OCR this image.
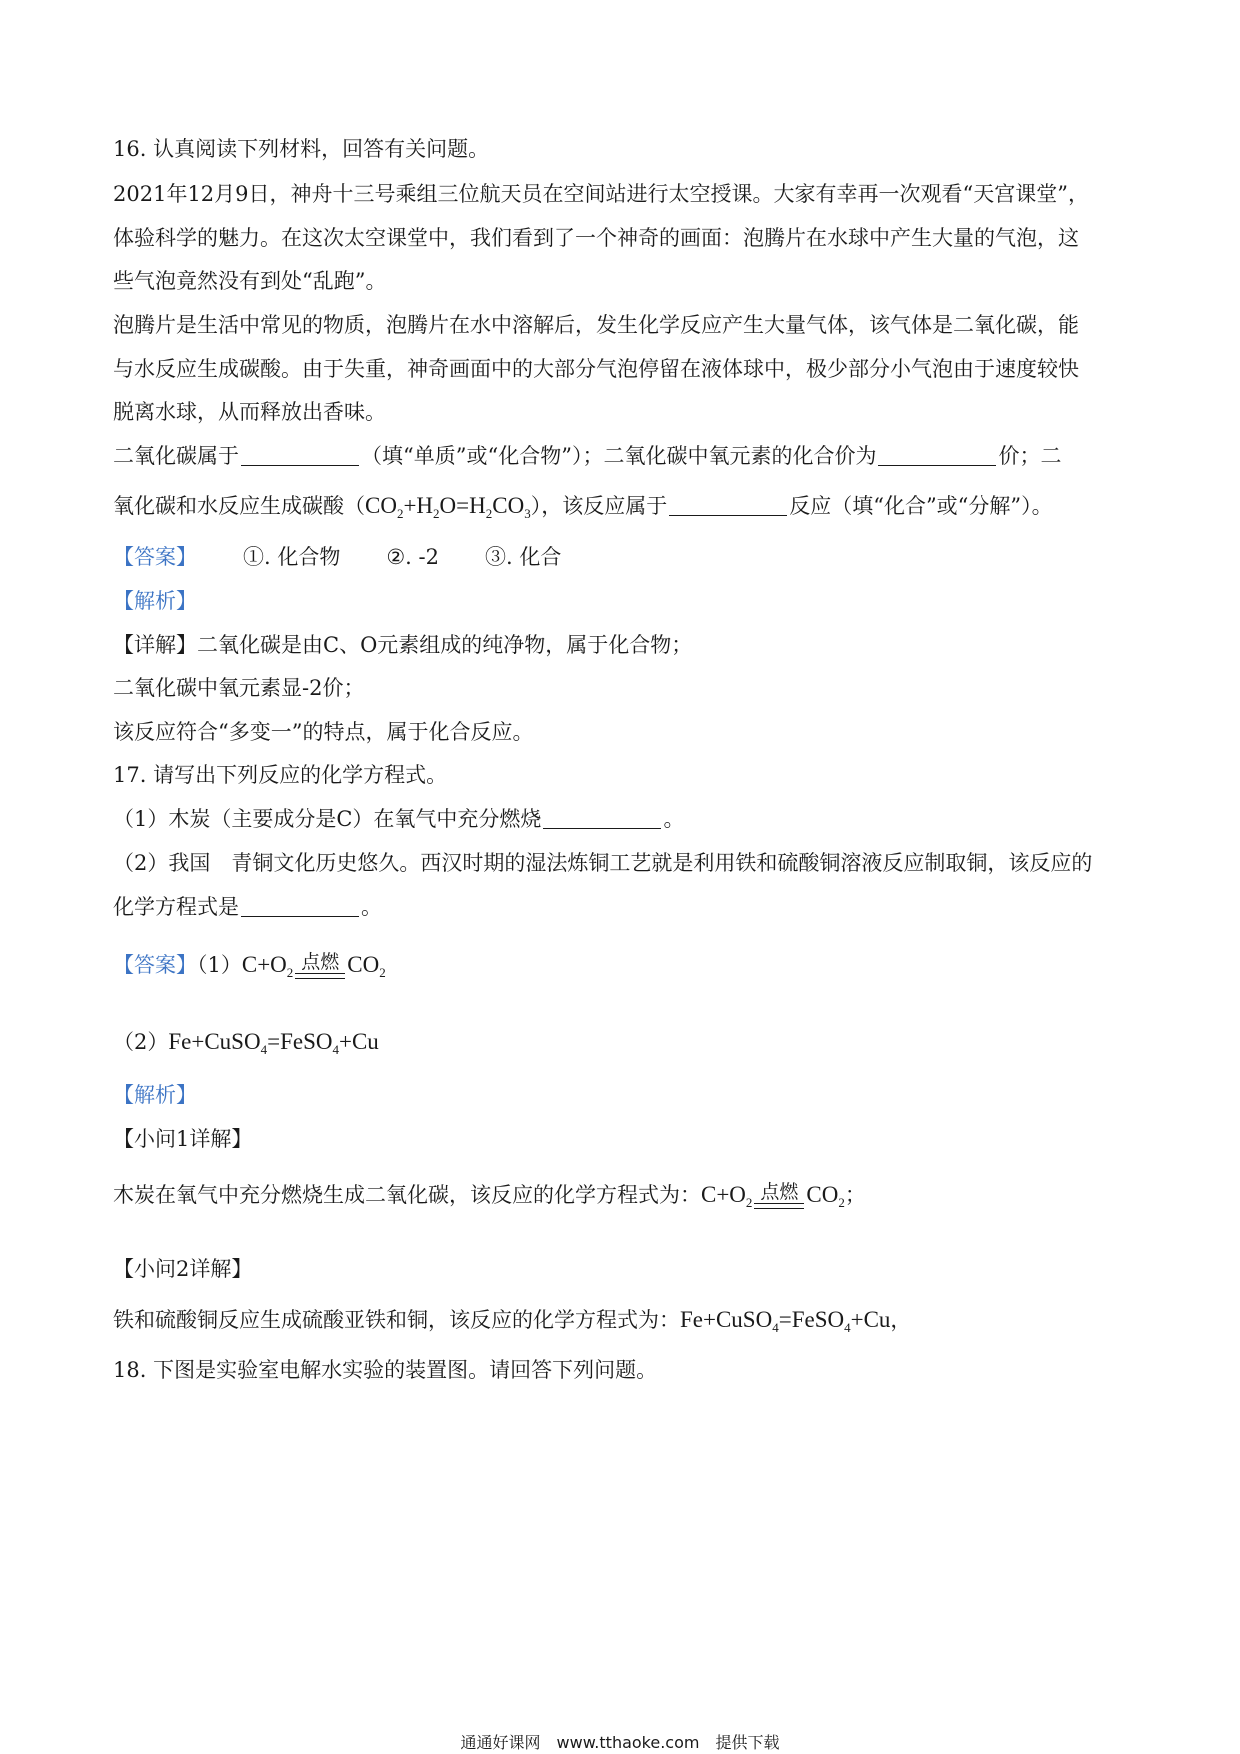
16. 认真阅读下列材料，回答有关问题。
2021年12月9日，神舟十三号乘组三位航天员在空间站进行太空授课。大家有幸再一次观看“天宫课堂”，
体验科学的魅力。在这次太空课堂中，我们看到了一个神奇的画面：泡腾片在水球中产生大量的气泡，这
些气泡竟然没有到处“乱跑”。
泡腾片是生活中常见的物质，泡腾片在水中溶解后，发生化学反应产生大量气体，该气体是二氧化碳，能
与水反应生成碳酸。由于失重，神奇画面中的大部分气泡停留在液体球中，极少部分小气泡由于速度较快
脱离水球，从而释放出香味。
二氧化碳属于	（填“单质”或“化合物”）；二氧化碳中氧元素的化合价为	价；二
氧化碳和水反应生成碳酸$(CO_2+H_2O=H_2CO_3)$，该反应属于	反应（填“化合”或“分解”）。
【答案】 ①. 化合物 ②. -2 ③. 化合
【解析】
【详解】二氧化碳是由C、O元素组成的纯净物，属于化合物；
二氧化碳中氧元素显-2价；
该反应符合“多变一”的特点，属于化合反应。
17. 请写出下列反应的化学方程式。
（1）木炭（主要成分是C）在氧气中充分燃烧	。
（2）我国　青铜文化历史悠久。西汉时期的湿法炼铜工艺就是利用铁和硫酸铜溶液反应制取铜，该反应的
化学方程式是	。
【答案】$(1)C+O_2$ 点燃 $CO_2$
（2）Fe+CuSO$_4$=FeSO$_4$+Cu
【解析】
【小问1详解】
木炭在氧气中充分燃烧生成二氧化碳，该反应的化学方程式为：$C+O_2$ 点燃 $CO_2$；
【小问2详解】
铁和硫酸铜反应生成硫酸亚铁和铜，该反应的化学方程式为：Fe+CuSO$_4$=FeSO$_4$+Cu，
18. 下图是实验室电解水实验的装置图。请回答下列问题。
通通好课网　www.tthaoke.com　提供下载
